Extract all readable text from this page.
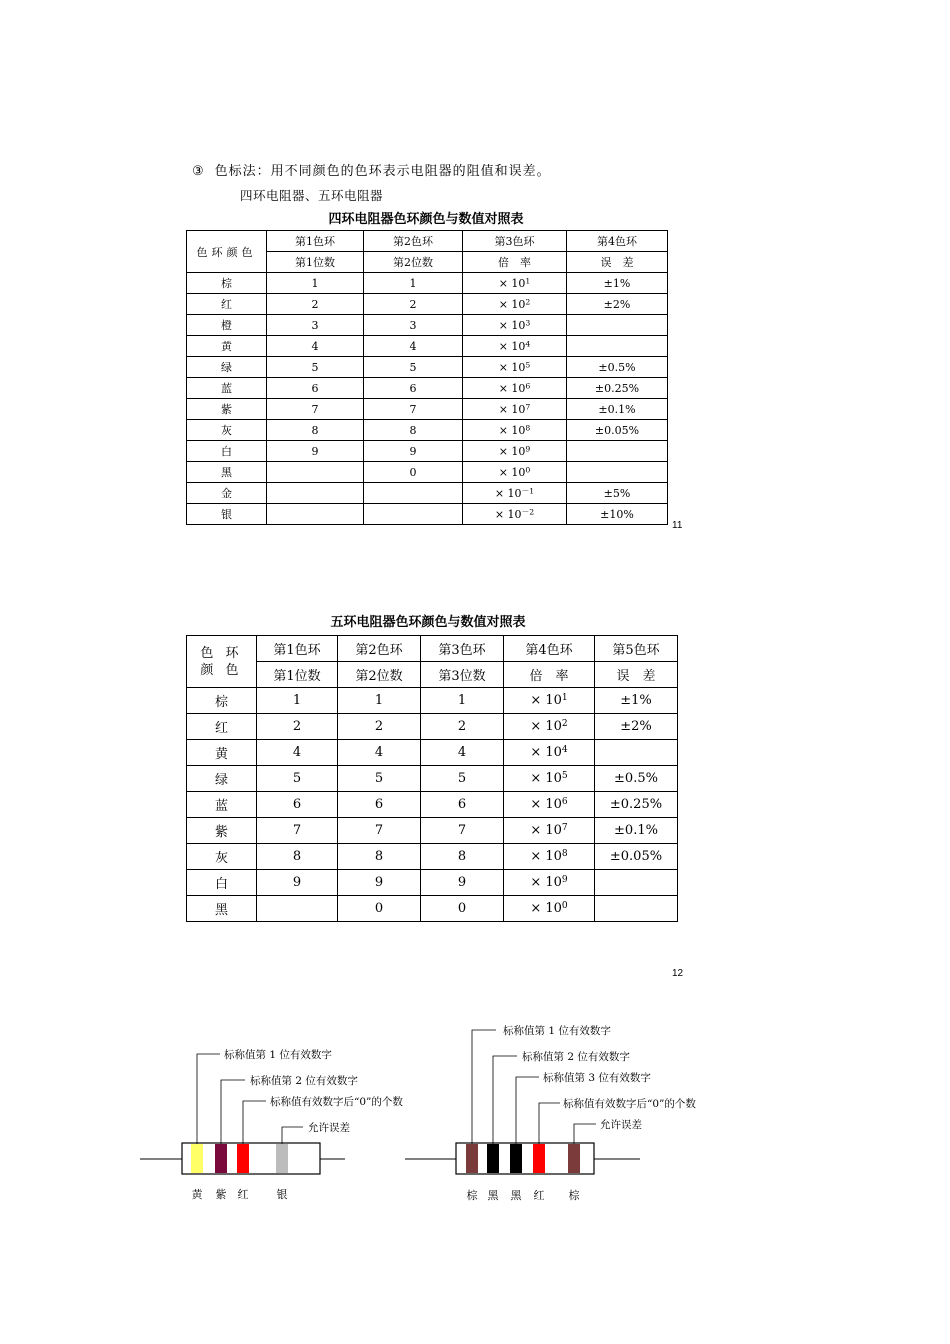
③ 色标法：用不同颜色的色环表示电阻器的阻值和误差。
四环电阻器、五环电阻器
四环电阻器色环颜色与数值对照表
色环颜色	第1色环	第2色环	第3色环	第4色环
	第1位数	第2位数	倍　率	误　差
棕	1	1	× $10^1$	±1%
红	2	2	× $10^2$	±2%
橙	3	3	× $10^3$	
黄	4	4	× $10^4$	
绿	5	5	× $10^5$	±0.5%
蓝	6	6	× $10^6$	±0.25%
紫	7	7	× $10^7$	±0.1%
灰	8	8	× $10^8$	±0.05%
白	9	9	× $10^9$	
黑		0	× $10^0$	
金			× $10^{-1}$	±5%
银			× $10^{-2}$	±10%
11
五环电阻器色环颜色与数值对照表
色 环
颜 色	第1色环	第2色环	第3色环	第4色环	第5色环
	第1位数	第2位数	第3位数	倍　率	误　差
棕	1	1	1	× $10^1$	±1%
红	2	2	2	× $10^2$	±2%
黄	4	4	4	× $10^4$	
绿	5	5	5	× $10^5$	±0.5%
蓝	6	6	6	× $10^6$	±0.25%
紫	7	7	7	× $10^7$	±0.1%
灰	8	8	8	× $10^8$	±0.05%
白	9	9	9	× $10^9$	
黑		0	0	× $10^0$	
12
标称值第 1 位有效数字
标称值第 2 位有效数字
标称值有效数字后“0”的个数
允许误差
黄 紫 红	银
标称值第 1 位有效数字
标称值第 2 位有效数字
标称值第 3 位有效数字
标称值有效数字后“0”的个数
允许误差
棕 黑 黑 红 棕
